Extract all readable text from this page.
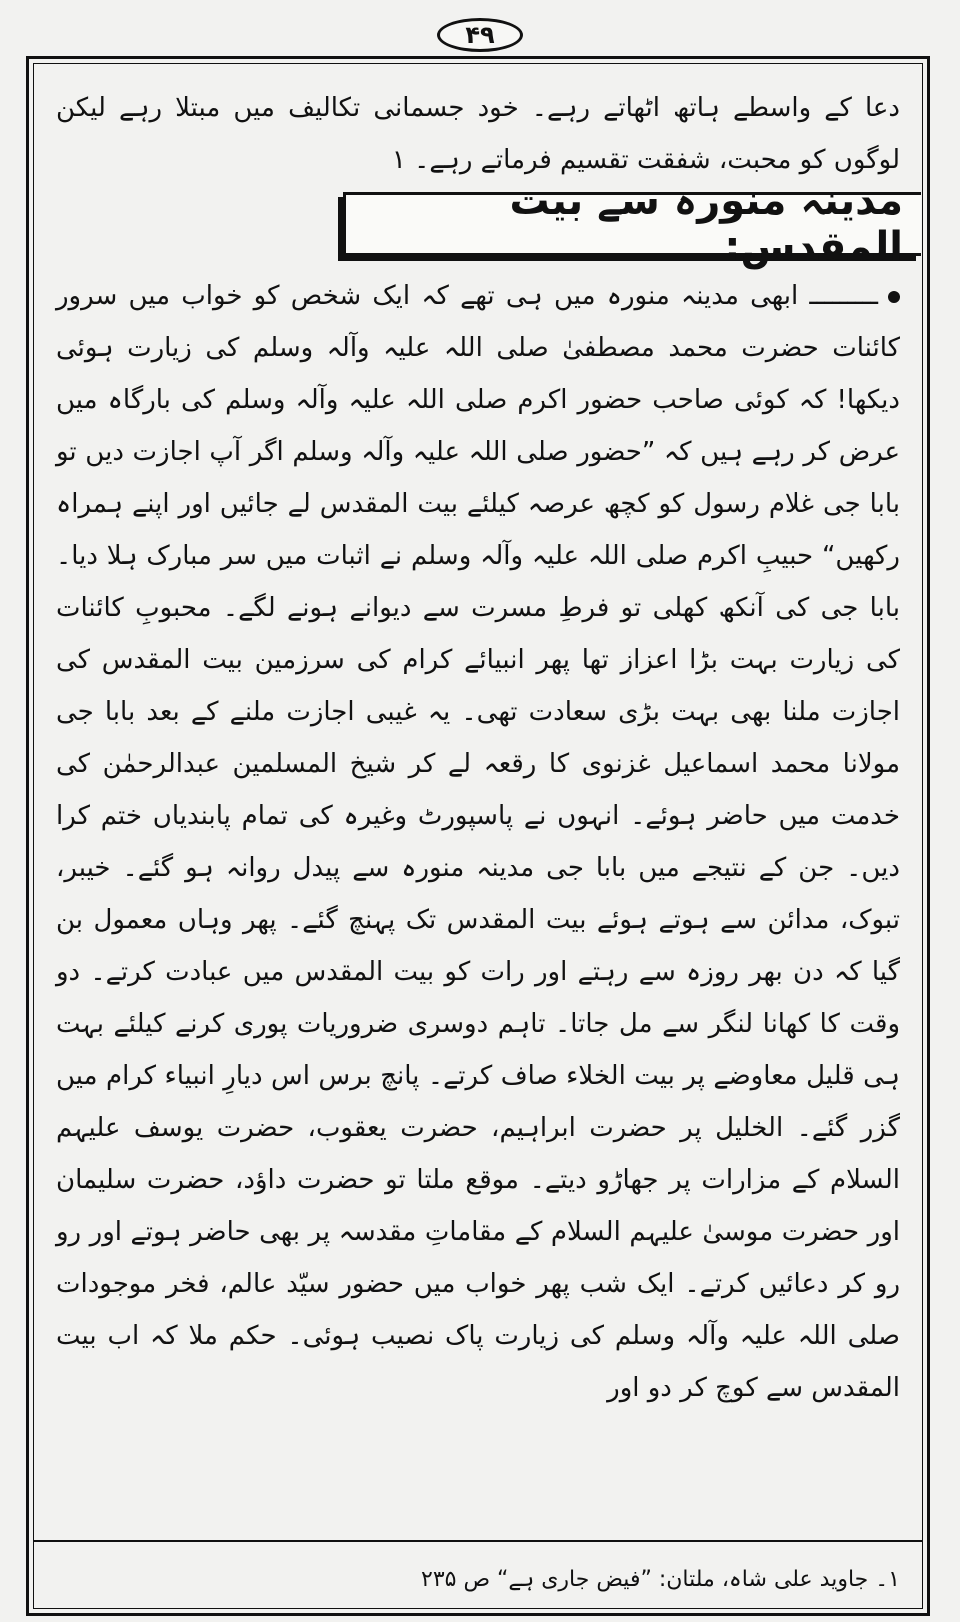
۴۹

دعا کے واسطے ہاتھ اٹھاتے رہے۔ خود جسمانی تکالیف میں مبتلا رہے لیکن لوگوں کو محبت، شفقت تقسیم فرماتے رہے۔ ۱

مدینہ منورہ سے بیت المقدس:

ـــــــــ ابھی مدینہ منورہ میں ہی تھے کہ ایک شخص کو خواب میں سرور کائنات حضرت محمد مصطفیٰ صلی اللہ علیہ وآلہ وسلم کی زیارت ہوئی دیکھا! کہ کوئی صاحب حضور اکرم صلی اللہ علیہ وآلہ وسلم کی بارگاہ میں عرض کر رہے ہیں کہ ”حضور صلی اللہ علیہ وآلہ وسلم اگر آپ اجازت دیں تو بابا جی غلام رسول کو کچھ عرصہ کیلئے بیت المقدس لے جائیں اور اپنے ہمراہ رکھیں“ حبیبِ اکرم صلی اللہ علیہ وآلہ وسلم نے اثبات میں سر مبارک ہلا دیا۔ بابا جی کی آنکھ کھلی تو فرطِ مسرت سے دیوانے ہونے لگے۔ محبوبِ کائنات کی زیارت بہت بڑا اعزاز تھا پھر انبیائے کرام کی سرزمین بیت المقدس کی اجازت ملنا بھی بہت بڑی سعادت تھی۔ یہ غیبی اجازت ملنے کے بعد بابا جی مولانا محمد اسماعیل غزنوی کا رقعہ لے کر شیخ المسلمین عبدالرحمٰن کی خدمت میں حاضر ہوئے۔ انہوں نے پاسپورٹ وغیرہ کی تمام پابندیاں ختم کرا دیں۔ جن کے نتیجے میں بابا جی مدینہ منورہ سے پیدل روانہ ہو گئے۔ خیبر، تبوک، مدائن سے ہوتے ہوئے بیت المقدس تک پہنچ گئے۔ پھر وہاں معمول بن گیا کہ دن بھر روزہ سے رہتے اور رات کو بیت المقدس میں عبادت کرتے۔ دو وقت کا کھانا لنگر سے مل جاتا۔ تاہم دوسری ضروریات پوری کرنے کیلئے بہت ہی قلیل معاوضے پر بیت الخلاء صاف کرتے۔ پانچ برس اس دیارِ انبیاء کرام میں گزر گئے۔ الخلیل پر حضرت ابراہیم، حضرت یعقوب، حضرت یوسف علیہم السلام کے مزارات پر جھاڑو دیتے۔ موقع ملتا تو حضرت داؤد، حضرت سلیمان اور حضرت موسیٰ علیہم السلام کے مقاماتِ مقدسہ پر بھی حاضر ہوتے اور رو رو کر دعائیں کرتے۔ ایک شب پھر خواب میں حضور سیّد عالم، فخر موجودات صلی اللہ علیہ وآلہ وسلم کی زیارت پاک نصیب ہوئی۔ حکم ملا کہ اب بیت المقدس سے کوچ کر دو اور

۱۔ جاوید علی شاہ، ملتان: ”فیض جاری ہے“ ص ۲۳۵
